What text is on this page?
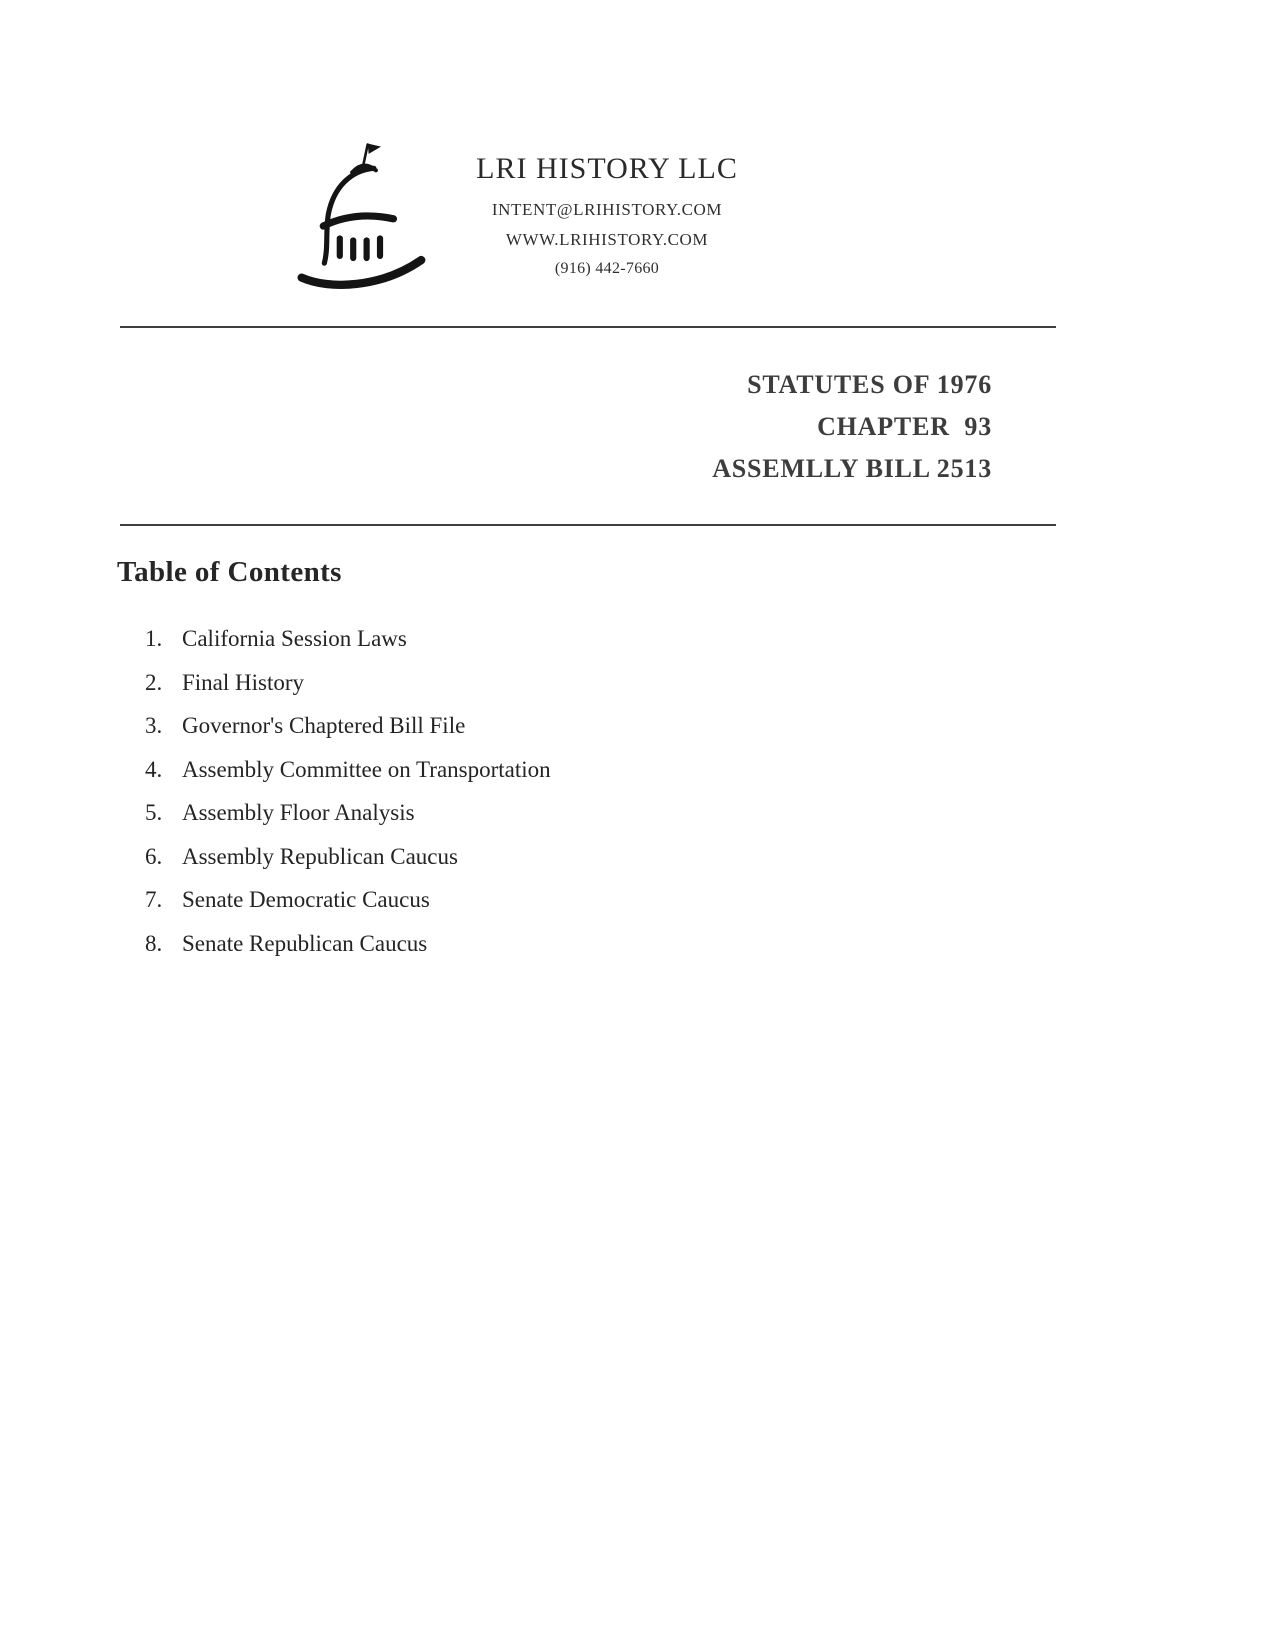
LRI HISTORY LLC
INTENT@LRIHISTORY.COM
WWW.LRIHISTORY.COM
(916) 442-7660
STATUTES OF 1976
CHAPTER  93
ASSEMLLY BILL 2513
Table of Contents
1. California Session Laws
2. Final History
3. Governor's Chaptered Bill File
4. Assembly Committee on Transportation
5. Assembly Floor Analysis
6. Assembly Republican Caucus
7. Senate Democratic Caucus
8. Senate Republican Caucus
